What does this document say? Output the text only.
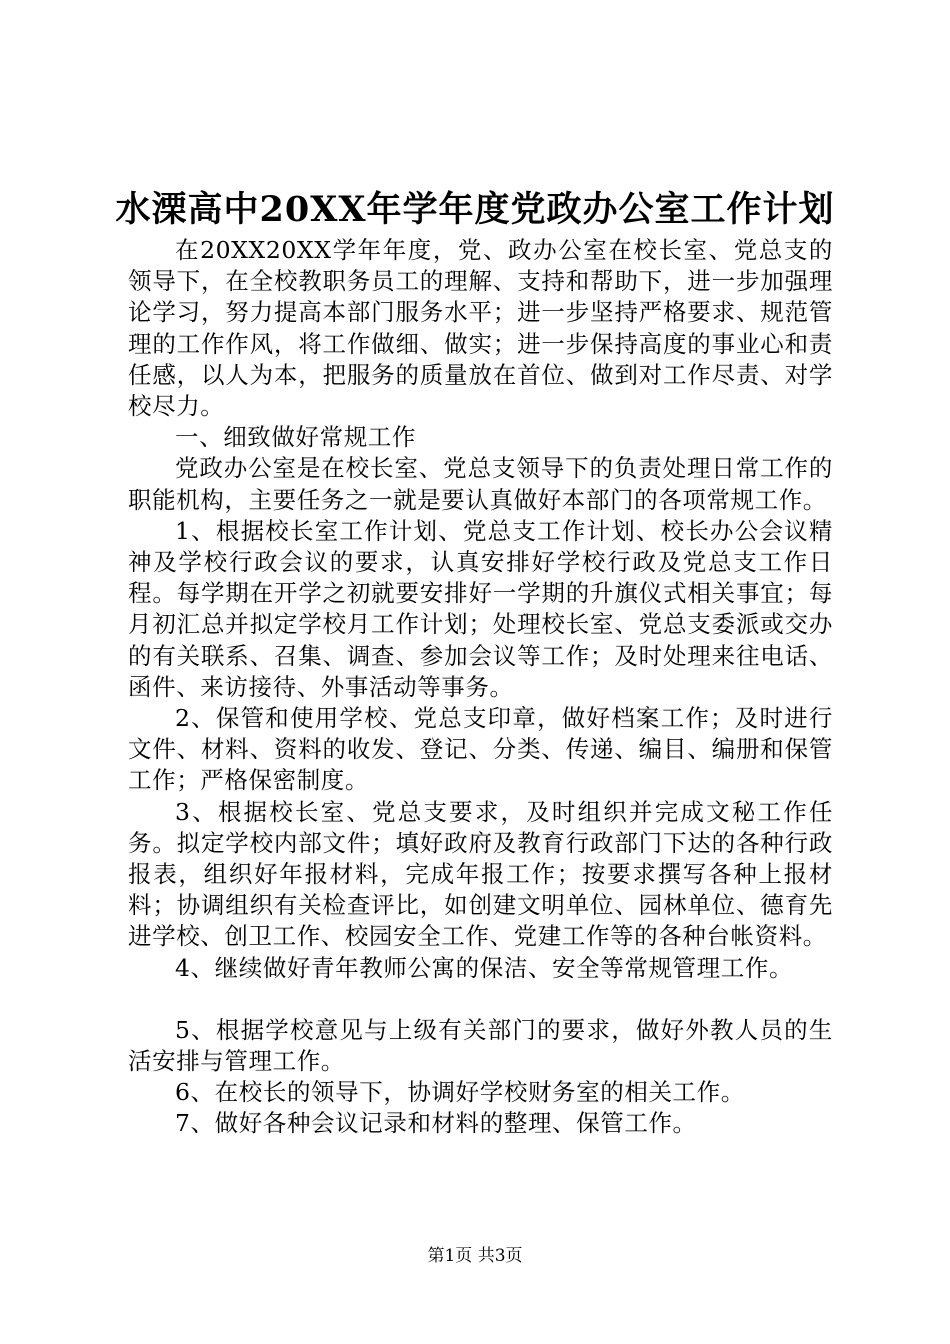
水溧高中20XX年学年度党政办公室工作计划

在20XX20XX学年年度，党、政办公室在校长室、党总支的领导下，在全校教职务员工的理解、支持和帮助下，进一步加强理论学习，努力提高本部门服务水平；进一步坚持严格要求、规范管理的工作作风，将工作做细、做实；进一步保持高度的事业心和责任感，以人为本，把服务的质量放在首位、做到对工作尽责、对学校尽力。

一、细致做好常规工作

党政办公室是在校长室、党总支领导下的负责处理日常工作的职能机构，主要任务之一就是要认真做好本部门的各项常规工作。

1、根据校长室工作计划、党总支工作计划、校长办公会议精神及学校行政会议的要求，认真安排好学校行政及党总支工作日程。每学期在开学之初就要安排好一学期的升旗仪式相关事宜；每月初汇总并拟定学校月工作计划；处理校长室、党总支委派或交办的有关联系、召集、调查、参加会议等工作；及时处理来往电话、函件、来访接待、外事活动等事务。

2、保管和使用学校、党总支印章，做好档案工作；及时进行文件、材料、资料的收发、登记、分类、传递、编目、编册和保管工作；严格保密制度。

3、根据校长室、党总支要求，及时组织并完成文秘工作任务。拟定学校内部文件；填好政府及教育行政部门下达的各种行政报表，组织好年报材料，完成年报工作；按要求撰写各种上报材料；协调组织有关检查评比，如创建文明单位、园林单位、德育先进学校、创卫工作、校园安全工作、党建工作等的各种台帐资料。

4、继续做好青年教师公寓的保洁、安全等常规管理工作。

5、根据学校意见与上级有关部门的要求，做好外教人员的生活安排与管理工作。

6、在校长的领导下，协调好学校财务室的相关工作。

7、做好各种会议记录和材料的整理、保管工作。

第1页 共3页
